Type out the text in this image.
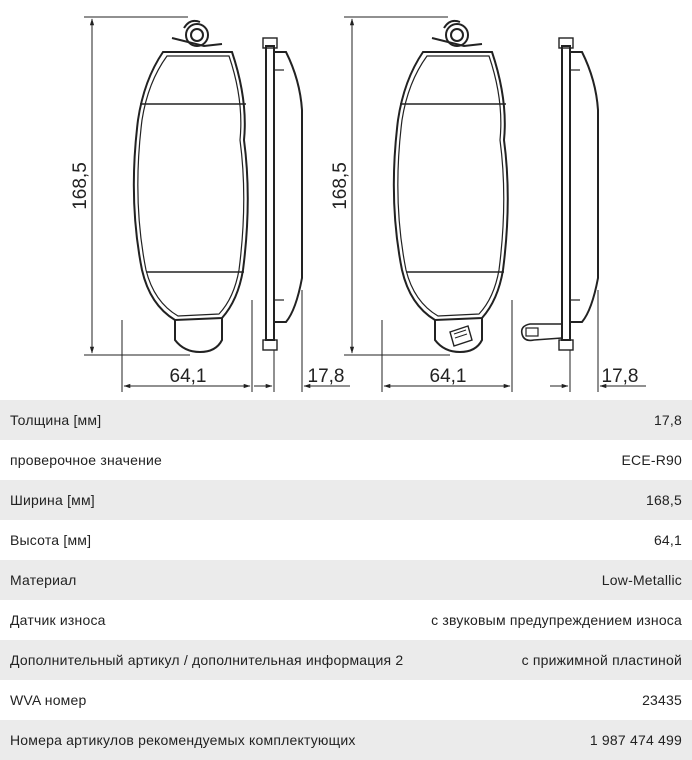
168,5
64,1	17,8
168,5
64,1	17,8
Толщина [мм]	17,8
проверочное значение	ECE-R90
Ширина [мм]	168,5
Высота [мм]	64,1
Материал	Low-Metallic
Датчик износа	с звуковым предупреждением износа
Дополнительный артикул / дополнительная информация 2	с прижимной пластиной
WVA номер	23435
Номера артикулов рекомендуемых комплектующих	1 987 474 499
